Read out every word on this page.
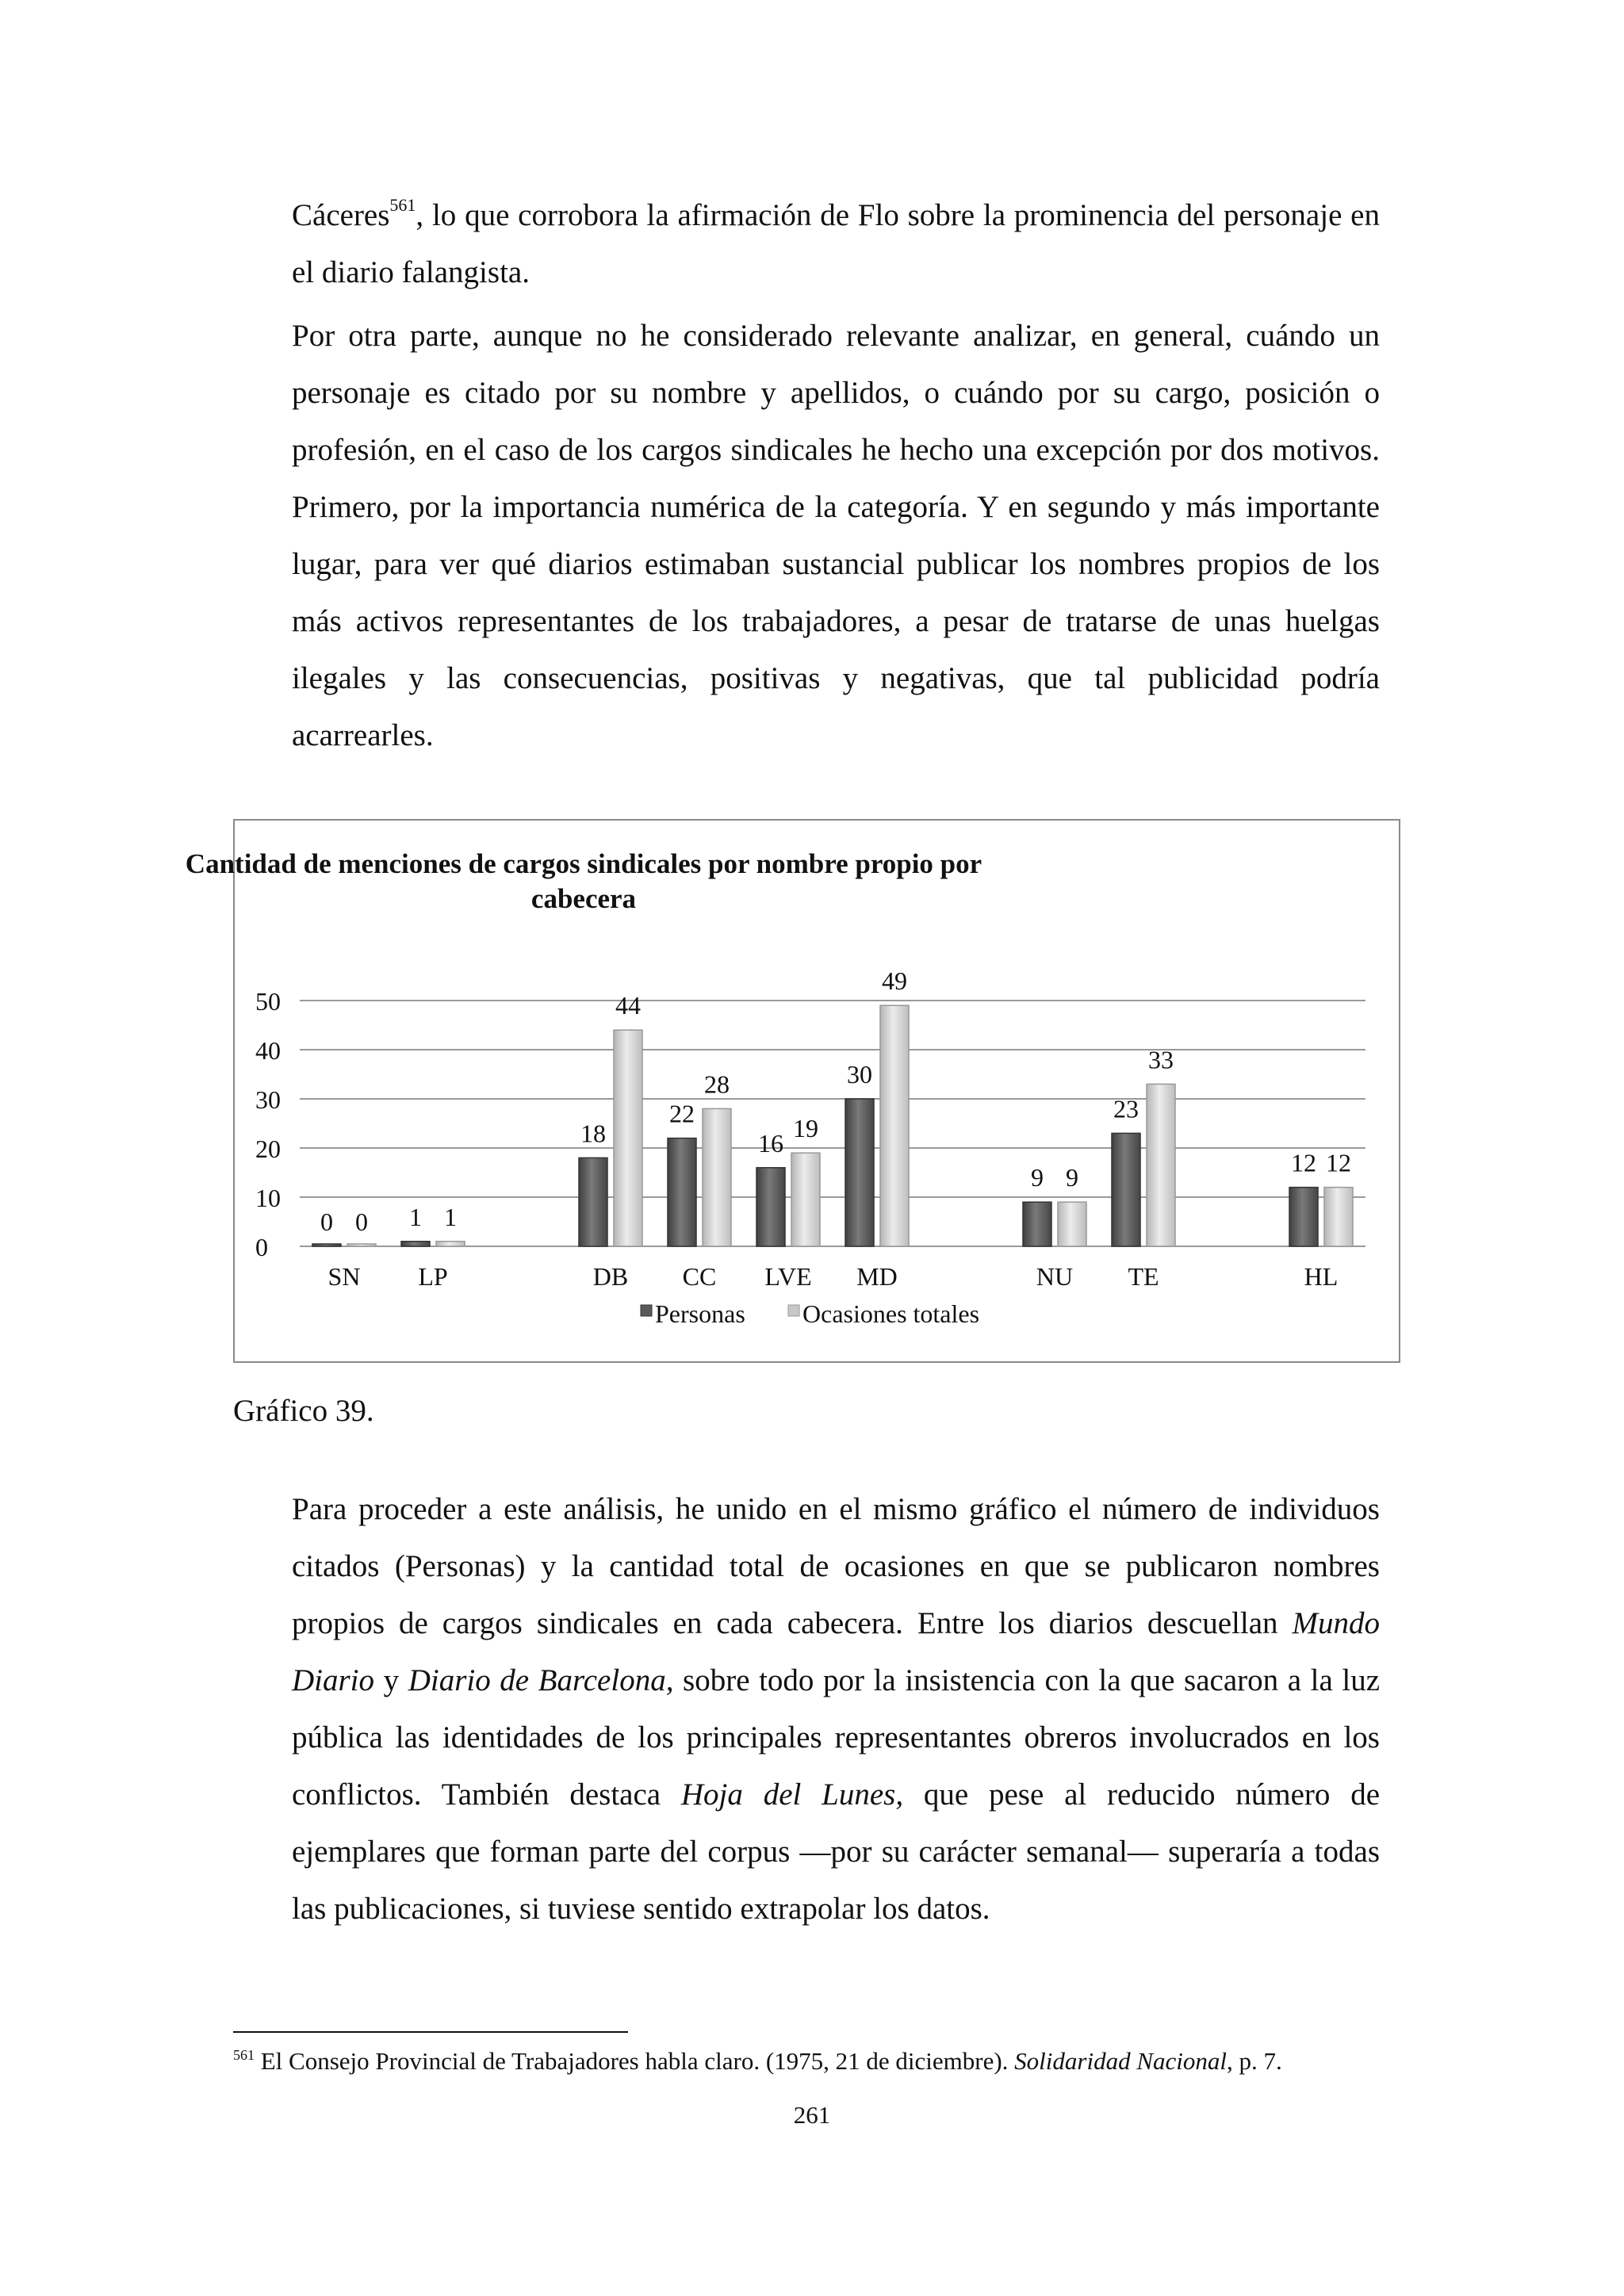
Cáceres$^{561}$, lo que corrobora la afirmación de Flo sobre la prominencia del personaje en el diario falangista.

Por otra parte, aunque no he considerado relevante analizar, en general, cuándo un personaje es citado por su nombre y apellidos, o cuándo por su cargo, posición o profesión, en el caso de los cargos sindicales he hecho una excepción por dos motivos. Primero, por la importancia numérica de la categoría. Y en segundo y más importante lugar, para ver qué diarios estimaban sustancial publicar los nombres propios de los más activos representantes de los trabajadores, a pesar de tratarse de unas huelgas ilegales y las consecuencias, positivas y negativas, que tal publicidad podría acarrearles.

Cantidad de menciones de cargos sindicales por nombre propio por
cabecera
0
10
20
30
40
50
0 0
SN
1 1
LP
18
44
DB
22
28
CC
16
19
LVE
30
49
MD
9 9
NU
23
33
TE
12 12
HL
Personas Ocasiones totales
Gráfico 39.

Para proceder a este análisis, he unido en el mismo gráfico el número de individuos citados (Personas) y la cantidad total de ocasiones en que se publicaron nombres propios de cargos sindicales en cada cabecera. Entre los diarios descuellan Mundo Diario y Diario de Barcelona, sobre todo por la insistencia con la que sacaron a la luz pública las identidades de los principales representantes obreros involucrados en los conflictos. También destaca Hoja del Lunes, que pese al reducido número de ejemplares que forman parte del corpus —por su carácter semanal— superaría a todas las publicaciones, si tuviese sentido extrapolar los datos.

$^{561}$ El Consejo Provincial de Trabajadores habla claro. (1975, 21 de diciembre). Solidaridad Nacional, p. 7.
261
